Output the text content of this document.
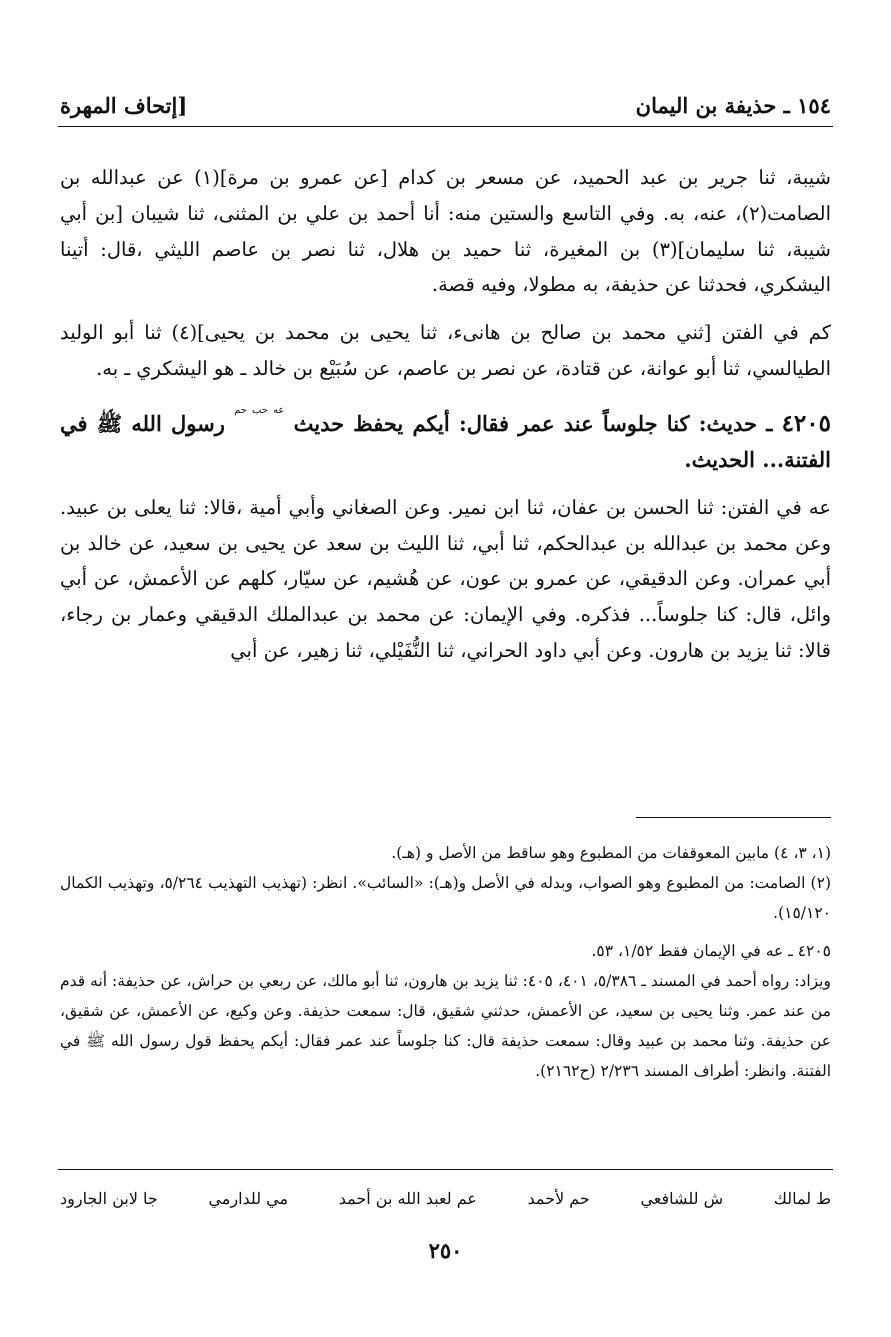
١٥٤ ـ حذيفة بن اليمان
[إتحاف المهرة

شيبة، ثنا جرير بن عبد الحميد، عن مسعر بن كدام [عن عمرو بن مرة](١) عن عبدالله بن الصامت(٢)، عنه، به. وفي التاسع والستين منه: أنا أحمد بن علي بن المثنى، ثنا شيبان [بن أبي شيبة، ثنا سليمان](٣) بن المغيرة، ثنا حميد بن هلال، ثنا نصر بن عاصم الليثي ،قال: أتينا اليشكري، فحدثنا عن حذيفة، به مطولا، وفيه قصة.

كم في الفتن [ثني محمد بن صالح بن هانىء، ثنا يحيى بن محمد بن يحيى](٤) ثنا أبو الوليد الطيالسي، ثنا أبو عوانة، عن قتادة، عن نصر بن عاصم، عن سُبَيْع بن خالد ـ هو اليشكري ـ به.

٤٢٠٥ ـ حديث: كنا جلوساً عند عمر فقال: أيكم يحفظ حديث $^{عه حب حم}$ رسول الله ﷺ في الفتنة... الحديث.

عه في الفتن: ثنا الحسن بن عفان، ثنا ابن نمير. وعن الصغاني وأبي أمية ،قالا: ثنا يعلى بن عبيد. وعن محمد بن عبدالله بن عبدالحكم، ثنا أبي، ثنا الليث بن سعد عن يحيى بن سعيد، عن خالد بن أبي عمران. وعن الدقيقي، عن عمرو بن عون، عن هُشيم، عن سيّار، كلهم عن الأعمش، عن أبي وائل، قال: كنا جلوساً... فذكره. وفي الإيمان: عن محمد بن عبدالملك الدقيقي وعمار بن رجاء، قالا: ثنا يزيد بن هارون. وعن أبي داود الحراني، ثنا النُّفَيْلي، ثنا زهير، عن أبي

(١، ٣، ٤) مابين المعوقفات من المطبوع وهو ساقط من الأصل و (هـ).

(٢) الصامت: من المطبوع وهو الصواب، وبدله في الأصل و(هـ): «السائب». انظر: (تهذيب التهذيب ٥/٢٦٤، وتهذيب الكمال ١٥/١٢٠).

٤٢٠٥ ـ عه في الإيمان فقط ١/٥٢، ٥٣.

ويزاد: رواه أحمد في المسند ـ ٥/٣٨٦، ٤٠١، ٤٠٥: ثنا يزيد بن هارون، ثنا أبو مالك، عن ربعي بن حراش، عن حذيفة: أنه قدم من عند عمر. وثنا يحيى بن سعيد، عن الأعمش، حدثني شقيق، قال: سمعت حذيفة. وعن وكيع، عن الأعمش، عن شقيق، عن حذيفة. وثنا محمد بن عبيد وقال: سمعت حذيفة قال: كنا جلوساً عند عمر فقال: أيكم يحفظ قول رسول الله ﷺ في الفتنة. وانظر: أطراف المسند ٢/٢٣٦ (ح٢١٦٢).

ط لمالك
ش للشافعي
حم لأحمد
عم لعبد الله بن أحمد
مي للدارمي
جا لابن الجارود
٢٥٠
